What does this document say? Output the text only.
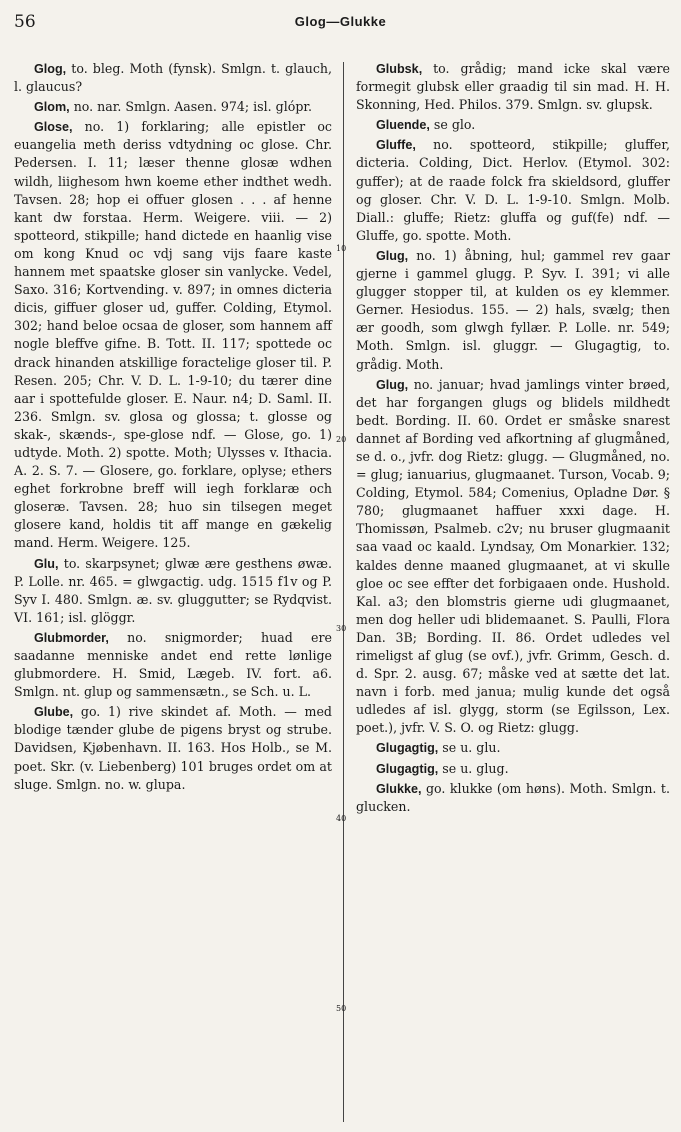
56	Glog—Glukke
10
20
30
40
50

Glog, to. bleg. Moth (fynsk). Smlgn. t. glauch, l. glaucus?

Glom, no. nar. Smlgn. Aasen. 974; isl. glópr.

Glose, no. 1) forklaring; alle epistler oc euangelia meth deriss vdtydning oc glose. Chr. Pedersen. I. 11; læser thenne glosæ wdhen wildh, liighesom hwn koeme ether indthet wedh. Tavsen. 28; hop ei offuer glosen . . . af henne kant dw forstaa. Herm. Weigere. viii. — 2) spotteord, stikpille; hand dictede en haanlig vise om kong Knud oc vdj sang vijs faare kaste hannem met spaatske gloser sin vanlycke. Vedel, Saxo. 316; Kortvending. v. 897; in omnes dicteria dicis, giffuer gloser ud, guffer. Colding, Etymol. 302; hand beloe ocsaa de gloser, som hannem aff nogle bleffve gifne. B. Tott. II. 117; spottede oc drack hinanden atskillige foractelige gloser til. P. Resen. 205; Chr. V. D. L. 1-9-10; du tærer dine aar i spottefulde gloser. E. Naur. n4; D. Saml. II. 236. Smlgn. sv. glosa og glossa; t. glosse og skak-, skænds-, spe-glose ndf. — Glose, go. 1) udtyde. Moth. 2) spotte. Moth; Ulysses v. Ithacia. A. 2. S. 7. — Glosere, go. forklare, oplyse; ethers eghet forkrobne breff will iegh forklaræ och gloseræ. Tavsen. 28; huo sin tilsegen meget glosere kand, holdis tit aff mange en gækelig mand. Herm. Weigere. 125.

Glu, to. skarpsynet; glwæ ære gesthens øwæ. P. Lolle. nr. 465. = glwgactig. udg. 1515 f1v og P. Syv I. 480. Smlgn. æ. sv. gluggutter; se Rydqvist. VI. 161; isl. glöggr.

Glubmorder, no. snigmorder; huad ere saadanne menniske andet end rette lønlige glubmordere. H. Smid, Lægeb. IV. fort. a6. Smlgn. nt. glup og sammensætn., se Sch. u. L.

Glube, go. 1) rive skindet af. Moth. — med blodige tænder glube de pigens bryst og strube. Davidsen, Kjøbenhavn. II. 163. Hos Holb., se M. poet. Skr. (v. Liebenberg) 101 bruges ordet om at sluge. Smlgn. no. w. glupa.

Glubsk, to. grådig; mand icke skal være formegit glubsk eller graadig til sin mad. H. H. Skonning, Hed. Philos. 379. Smlgn. sv. glupsk.

Gluende, se glo.

Gluffe, no. spotteord, stikpille; gluffer, dicteria. Colding, Dict. Herlov. (Etymol. 302: guffer); at de raade folck fra skieldsord, gluffer og gloser. Chr. V. D. L. 1-9-10. Smlgn. Molb. Diall.: gluffe; Rietz: gluffa og guf(fe) ndf. — Gluffe, go. spotte. Moth.

Glug, no. 1) åbning, hul; gammel rev gaar gjerne i gammel glugg. P. Syv. I. 391; vi alle glugger stopper til, at kulden os ey klemmer. Gerner. Hesiodus. 155. — 2) hals, svælg; then ær goodh, som glwgh fyllær. P. Lolle. nr. 549; Moth. Smlgn. isl. gluggr. — Glugagtig, to. grådig. Moth.

Glug, no. januar; hvad jamlings vinter brøed, det har forgangen glugs og blidels mildhedt bedt. Bording. II. 60. Ordet er småske snarest dannet af Bording ved afkortning af glugmåned, se d. o., jvfr. dog Rietz: glugg. — Glugmåned, no. = glug; ianuarius, glugmaanet. Turson, Vocab. 9; Colding, Etymol. 584; Comenius, Opladne Dør. § 780; glugmaanet haffuer xxxi dage. H. Thomissøn, Psalmeb. c2v; nu bruser glugmaanit saa vaad oc kaald. Lyndsay, Om Monarkier. 132; kaldes denne maaned glugmaanet, at vi skulle gloe oc see effter det forbigaaen onde. Hushold. Kal. a3; den blomstris gierne udi glugmaanet, men dog heller udi blidemaanet. S. Paulli, Flora Dan. 3B; Bording. II. 86. Ordet udledes vel rimeligst af glug (se ovf.), jvfr. Grimm, Gesch. d. d. Spr. 2. ausg. 67; måske ved at sætte det lat. navn i forb. med janua; mulig kunde det også udledes af isl. glygg, storm (se Egilsson, Lex. poet.), jvfr. V. S. O. og Rietz: glugg.

Glugagtig, se u. glu.

Glugagtig, se u. glug.

Glukke, go. klukke (om høns). Moth. Smlgn. t. glucken.
